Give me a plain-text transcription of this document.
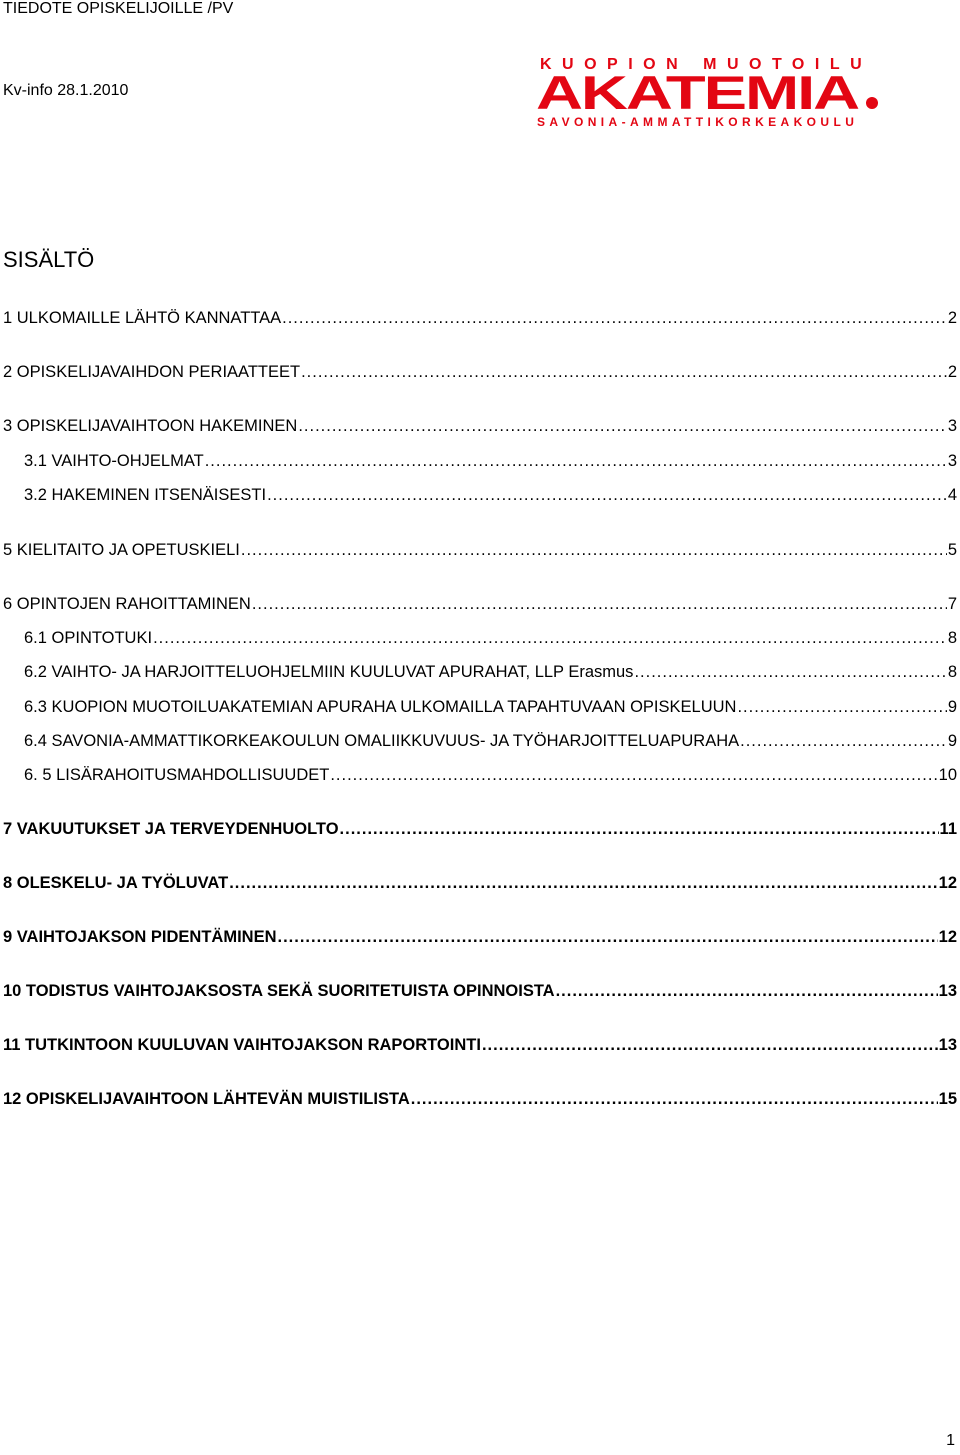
TIEDOTE OPISKELIJOILLE /PV
Kv-info 28.1.2010
KUOPION MUOTOILU
AKATEMIA
SAVONIA-AMMATTIKORKEAKOULU
SISÄLTÖ
1 ULKOMAILLE LÄHTÖ KANNATTAA .....	2
2 OPISKELIJAVAIHDON PERIAATTEET .....	2
3 OPISKELIJAVAIHTOON HAKEMINEN .....	3
3.1 VAIHTO-OHJELMAT .....	3
3.2 HAKEMINEN ITSENÄISESTI .....	4
5 KIELITAITO JA OPETUSKIELI .....	5
6 OPINTOJEN RAHOITTAMINEN .....	7
6.1 OPINTOTUKI .....	8
6.2 VAIHTO- JA HARJOITTELUOHJELMIIN KUULUVAT APURAHAT, LLP Erasmus .....	8
6.3 KUOPION MUOTOILUAKATEMIAN APURAHA ULKOMAILLA TAPAHTUVAAN OPISKELUUN .....	9
6.4 SAVONIA-AMMATTIKORKEAKOULUN OMALIIKKUVUUS- JA TYÖHARJOITTELUAPURAHA .....	9
6. 5 LISÄRAHOITUSMAHDOLLISUUDET .....	10
7 VAKUUTUKSET JA TERVEYDENHUOLTO .....	11
8 OLESKELU- JA TYÖLUVAT .....	12
9 VAIHTOJAKSON PIDENTÄMINEN .....	12
10 TODISTUS VAIHTOJAKSOSTA SEKÄ SUORITETUISTA OPINNOISTA .....	13
11 TUTKINTOON KUULUVAN VAIHTOJAKSON RAPORTOINTI .....	13
12 OPISKELIJAVAIHTOON LÄHTEVÄN MUISTILISTA .....	15
1
